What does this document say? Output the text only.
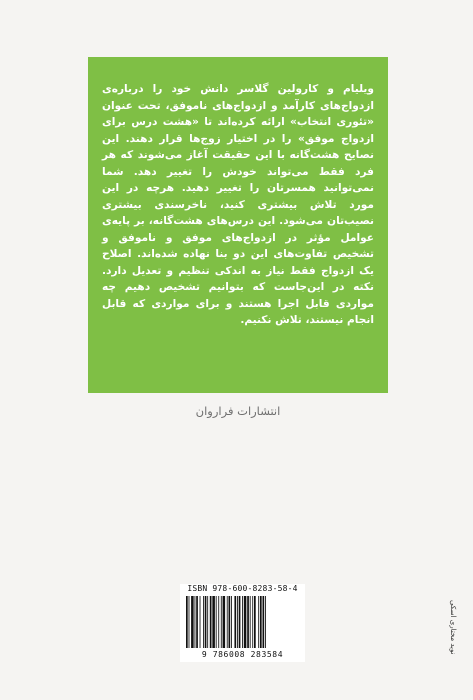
ویلیام و کارولین گلاسر دانش خود را درباره‌ی ازدواج‌های کارآمد و ازدواج‌های ناموفق، تحت عنوان «تئوری انتخاب» ارائه کرده‌اند تا «هشت درس برای ازدواج موفق» را در اختیار زوج‌ها قرار دهند. این نصایح هشت‌گانه با این حقیقت آغاز می‌شوند که هر فرد فقط می‌تواند خودش را تغییر دهد. شما نمی‌توانید همسرتان را تغییر دهید. هرچه در این مورد تلاش بیشتری کنید، ناخرسندی بیشتری نصیب‌تان می‌شود. این درس‌های هشت‌گانه، بر پایه‌ی عوامل مؤثر در ازدواج‌های موفق و ناموفق و تشخیص تفاوت‌های این دو بنا نهاده شده‌اند. اصلاح یک ازدواج فقط نیاز به اندکی تنظیم و تعدیل دارد. نکته در این‌جاست که بتوانیم تشخیص دهیم چه مواردی قابل اجرا هستند و برای مواردی که قابل انجام نیستند، تلاش نکنیم.

انتشارات فراروان
ISBN 978-600-8283-58-4
9 786008 283584	نوید مختاری اسکی
